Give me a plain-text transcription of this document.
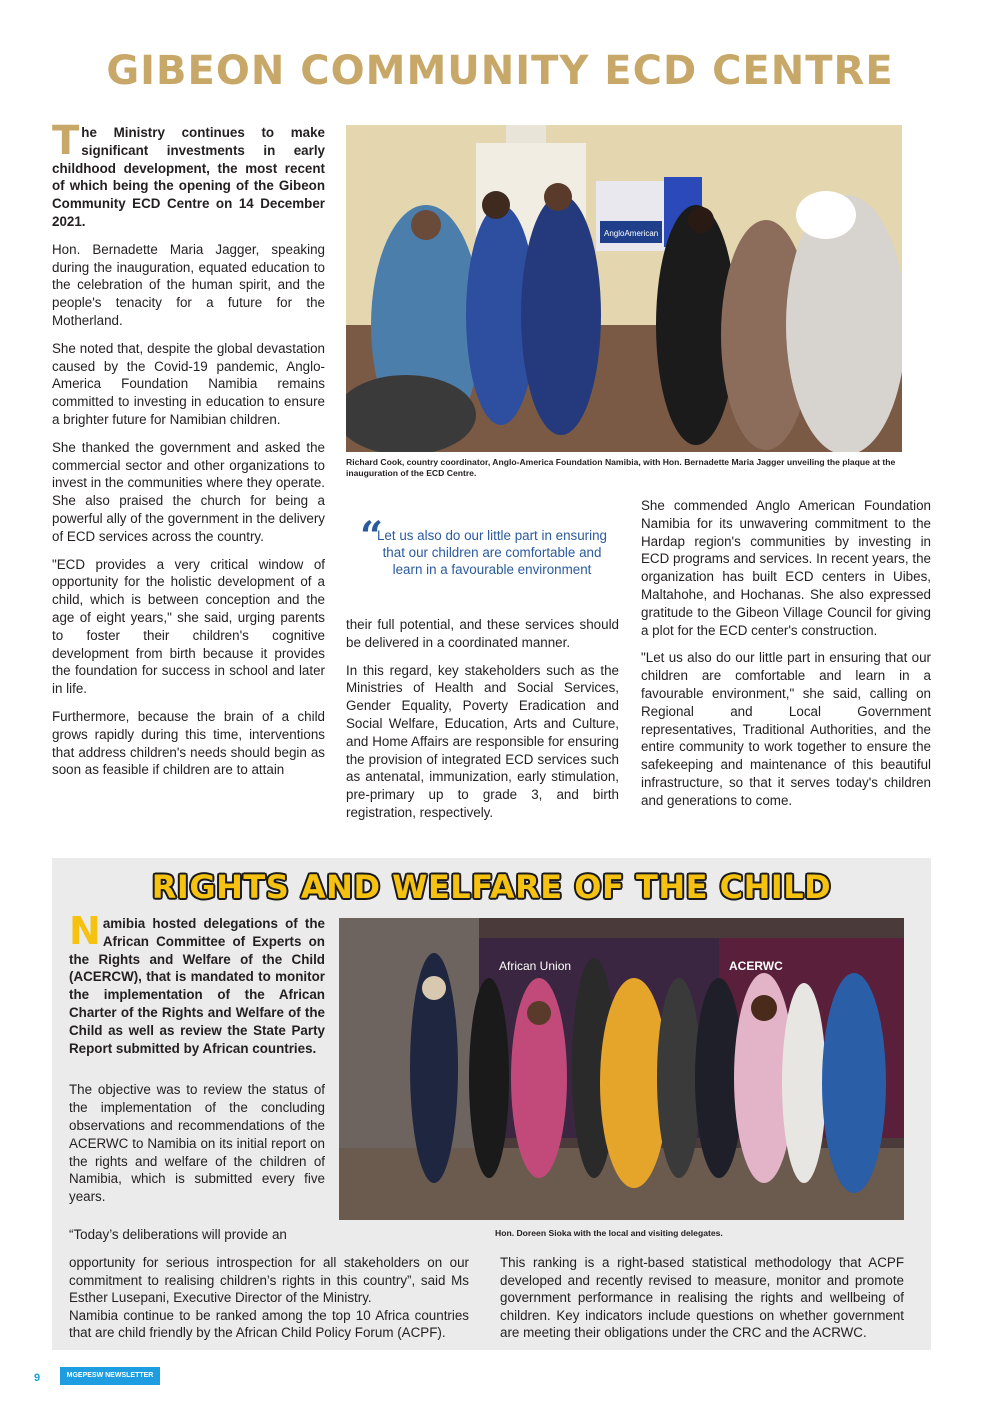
GIBEON COMMUNITY ECD CENTRE

The Ministry continues to make significant investments in early childhood development, the most recent of which being the opening of the Gibeon Community ECD Centre on 14 December 2021.

Hon. Bernadette Maria Jagger, speaking during the inauguration, equated education to the celebration of the human spirit, and the people's tenacity for a future for the Motherland.

She noted that, despite the global devastation caused by the Covid-19 pandemic, Anglo-America Foundation Namibia remains committed to investing in education to ensure a brighter future for Namibian children.

She thanked the government and asked the commercial sector and other organizations to invest in the communities where they operate. She also praised the church for being a powerful ally of the government in the delivery of ECD services across the country.

"ECD provides a very critical window of opportunity for the holistic development of a child, which is between conception and the age of eight years," she said, urging parents to foster their children's cognitive development from birth because it provides the foundation for success in school and later in life.

Furthermore, because the brain of a child grows rapidly during this time, interventions that address children's needs should begin as soon as feasible if children are to attain

AngloAmerican
Richard Cook, country coordinator, Anglo-America Foundation Namibia, with Hon. Bernadette Maria Jagger unveiling the plaque at the inauguration of the ECD Centre.
“
Let us also do our little part in ensuring that our children are comfortable and learn in a favourable environment

their full potential, and these services should be delivered in a coordinated manner.

In this regard, key stakeholders such as the Ministries of Health and Social Services, Gender Equality, Poverty Eradication and Social Welfare, Education, Arts and Culture, and Home Affairs are responsible for ensuring the provision of integrated ECD services such as antenatal, immunization, early stimulation, pre-primary up to grade 3, and birth registration, respectively.

She commended Anglo American Foundation Namibia for its unwavering commitment to the Hardap region's communities by investing in ECD programs and services. In recent years, the organization has built ECD centers in Uibes, Maltahohe, and Hochanas. She also expressed gratitude to the Gibeon Village Council for giving a plot for the ECD center's construction.

"Let us also do our little part in ensuring that our children are comfortable and learn in a favourable environment," she said, calling on Regional and Local Government representatives, Traditional Authorities, and the entire community to work together to ensure the safekeeping and maintenance of this beautiful infrastructure, so that it serves today's children and generations to come.

RIGHTS AND WELFARE OF THE CHILD

Namibia hosted delegations of the African Committee of Experts on the Rights and Welfare of the Child (ACERCW), that is mandated to monitor the implementation of the African Charter of the Rights and Welfare of the Child as well as review the State Party Report submitted by African countries.

The objective was to review the status of the implementation of the concluding observations and recommendations of the ACERWC to Namibia on its initial report on the rights and welfare of the children of Namibia, which is submitted every five years.

“Today’s deliberations will provide an

African Union	ACERWC
Hon. Doreen Sioka with the local and visiting delegates.
opportunity for serious introspection for all stakeholders on our commitment to realising children’s rights in this country”, said Ms Esther Lusepani, Executive Director of the Ministry.
Namibia continue to be ranked among the top 10 Africa countries that are child friendly by the African Child Policy Forum (ACPF).
This ranking is a right-based statistical methodology that ACPF developed and recently revised to measure, monitor and promote government performance in realising the rights and wellbeing of children. Key indicators include questions on whether government are meeting their obligations under the CRC and the ACRWC.
9	MGEPESW NEWSLETTER
